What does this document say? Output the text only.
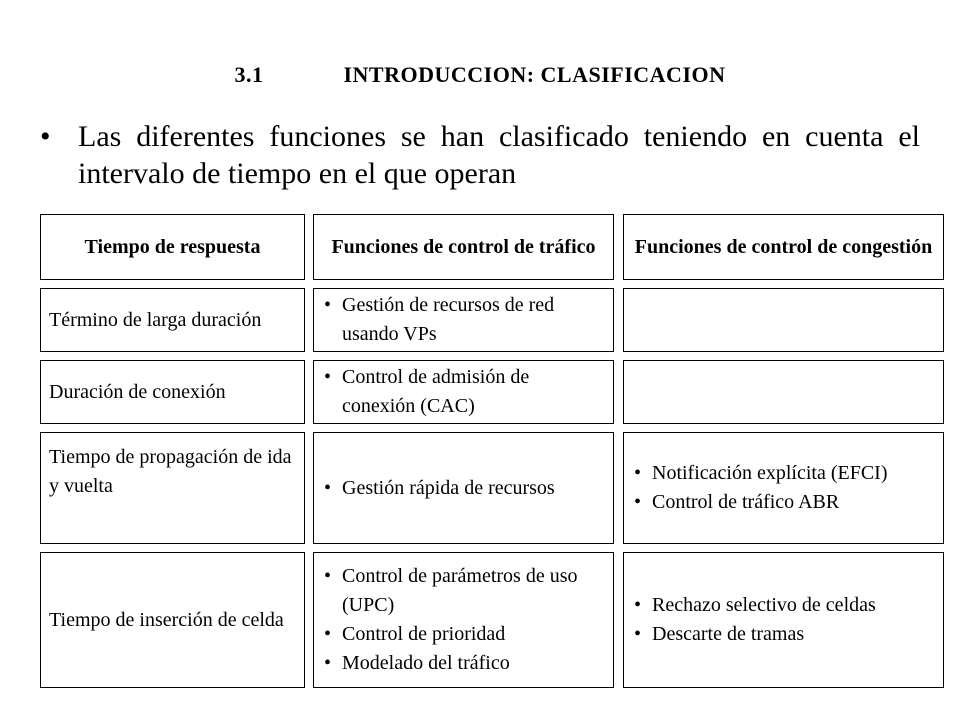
3.1	INTRODUCCION: CLASIFICACION
• Las diferentes funciones se han clasificado teniendo en cuenta el intervalo de tiempo en el que operan
Tiempo de respuesta	Funciones de control de tráfico Funciones de control de congestión
Término de larga duración
• Gestión de recursos de red usando VPs
Duración de conexión
• Control de admisión de conexión (CAC)
Tiempo de propagación de ida y vuelta
•	Gestión rápida de recursos
• Notificación explícita (EFCI)
• Control de tráfico ABR
Tiempo de inserción de celda
• Control de parámetros de uso (UPC)
• Control de prioridad
• Modelado del tráfico
• Rechazo selectivo de celdas
• Descarte de tramas
